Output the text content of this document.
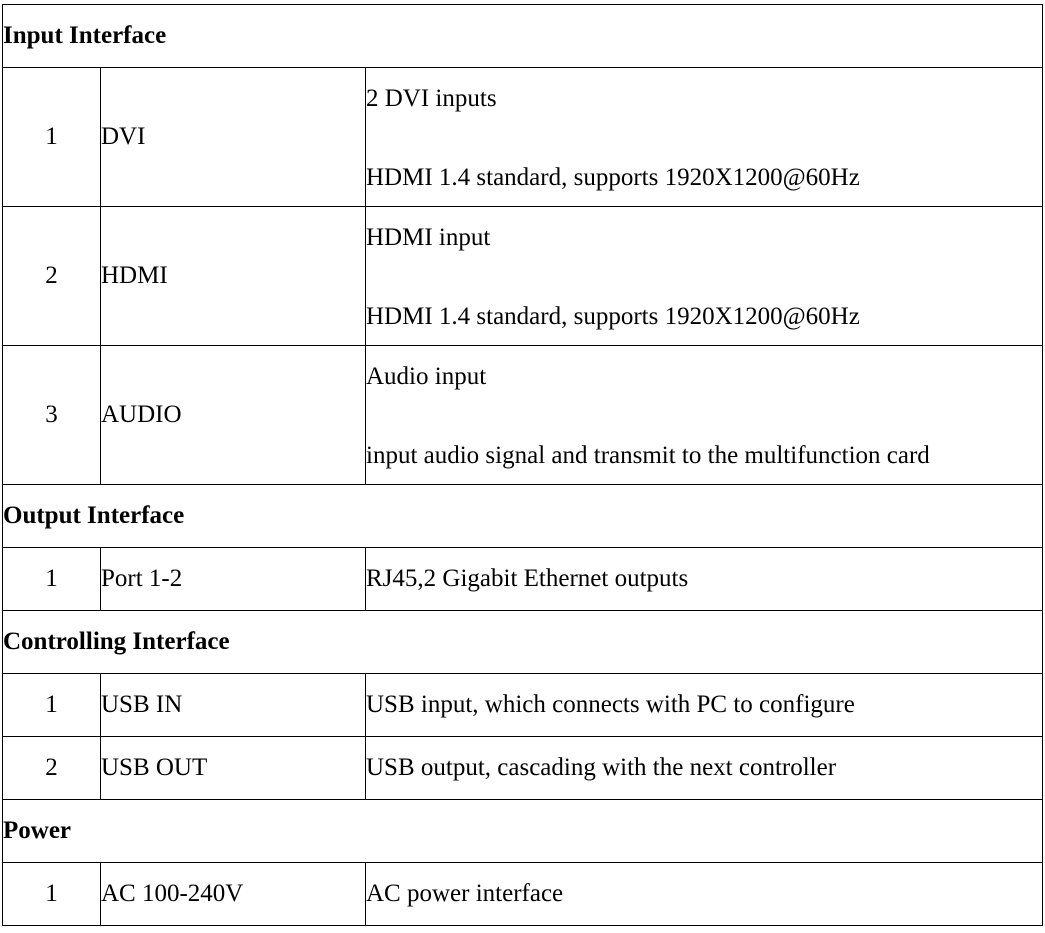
Input Interface		
1	DVI	2 DVI inputs
HDMI 1.4 standard, supports 1920X1200@60Hz

2	HDMI	HDMI input
HDMI 1.4 standard, supports 1920X1200@60Hz

3	AUDIO	Audio input
input audio signal and transmit to the multifunction card

Output Interface		
1	Port 1-2	RJ45,2 Gigabit Ethernet outputs
Controlling Interface		
1	USB IN	USB input, which connects with PC to configure
2	USB OUT	USB output, cascading with the next controller
Power		
1	AC 100-240V	AC power interface
